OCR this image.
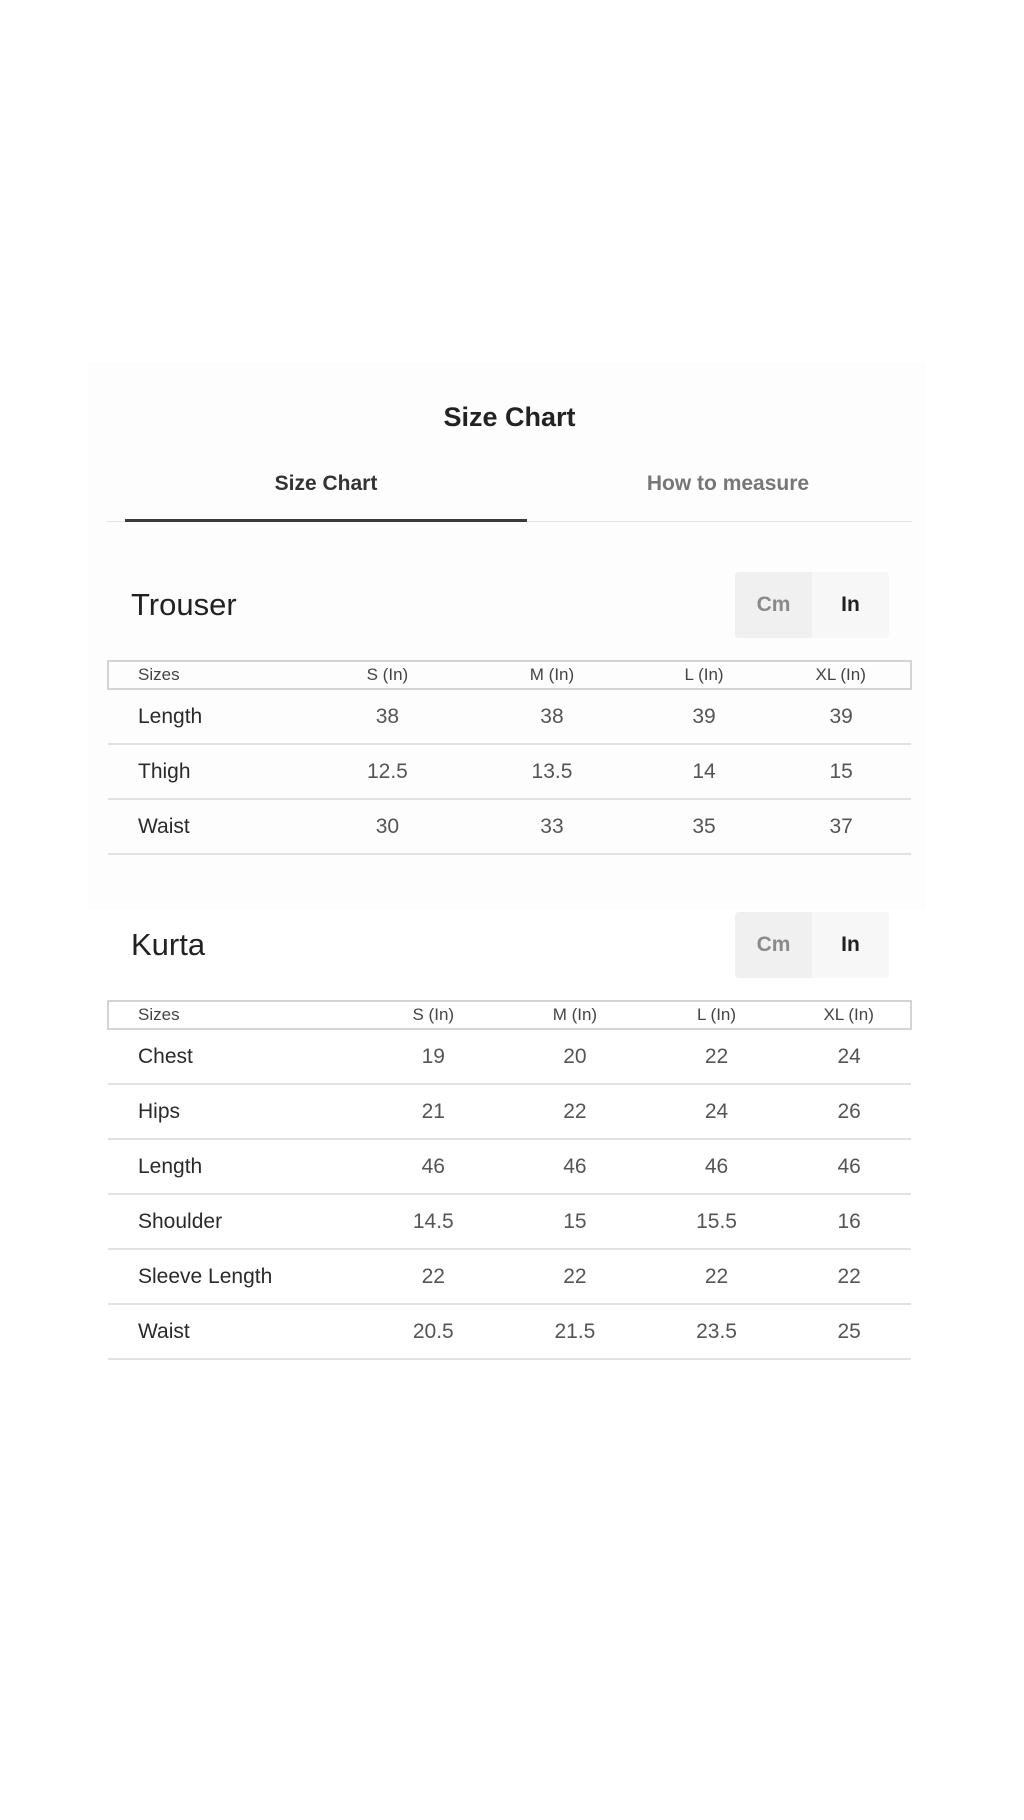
Size Chart
Size Chart	How to measure
Trouser	Cm	In
Sizes	S (In)	M (In)	L (In)	XL (In)
Length	38	38	39	39
Thigh	12.5	13.5	14	15
Waist	30	33	35	37
Kurta	Cm	In
Sizes	S (In)	M (In)	L (In)	XL (In)
Chest	19	20	22	24
Hips	21	22	24	26
Length	46	46	46	46
Shoulder	14.5	15	15.5	16
Sleeve Length	22	22	22	22
Waist	20.5	21.5	23.5	25
